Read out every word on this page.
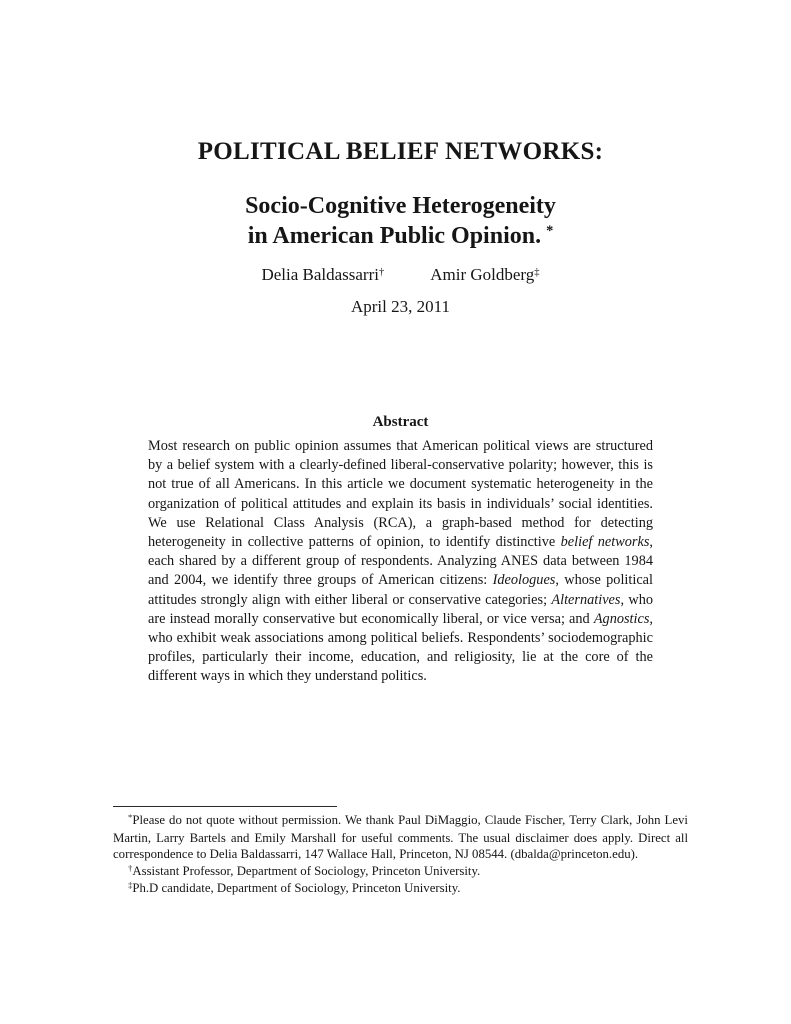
POLITICAL BELIEF NETWORKS:
Socio-Cognitive Heterogeneity
in American Public Opinion. *
Delia Baldassarri†	Amir Goldberg‡
April 23, 2011
Abstract

Most research on public opinion assumes that American political views are structured by a belief system with a clearly-defined liberal-conservative polarity; however, this is not true of all Americans. In this article we document systematic heterogeneity in the organization of political attitudes and explain its basis in individuals’ social identities. We use Relational Class Analysis (RCA), a graph-based method for detecting heterogeneity in collective patterns of opinion, to identify distinctive belief networks, each shared by a different group of respondents. Analyzing ANES data between 1984 and 2004, we identify three groups of American citizens: Ideologues, whose political attitudes strongly align with either liberal or conservative categories; Alternatives, who are instead morally conservative but economically liberal, or vice versa; and Agnostics, who exhibit weak associations among political beliefs. Respondents’ sociodemographic profiles, particularly their income, education, and religiosity, lie at the core of the different ways in which they understand politics.

*Please do not quote without permission. We thank Paul DiMaggio, Claude Fischer, Terry Clark, John Levi Martin, Larry Bartels and Emily Marshall for useful comments. The usual disclaimer does apply. Direct all correspondence to Delia Baldassarri, 147 Wallace Hall, Princeton, NJ 08544. (dbalda@princeton.edu).

†Assistant Professor, Department of Sociology, Princeton University.

‡Ph.D candidate, Department of Sociology, Princeton University.
